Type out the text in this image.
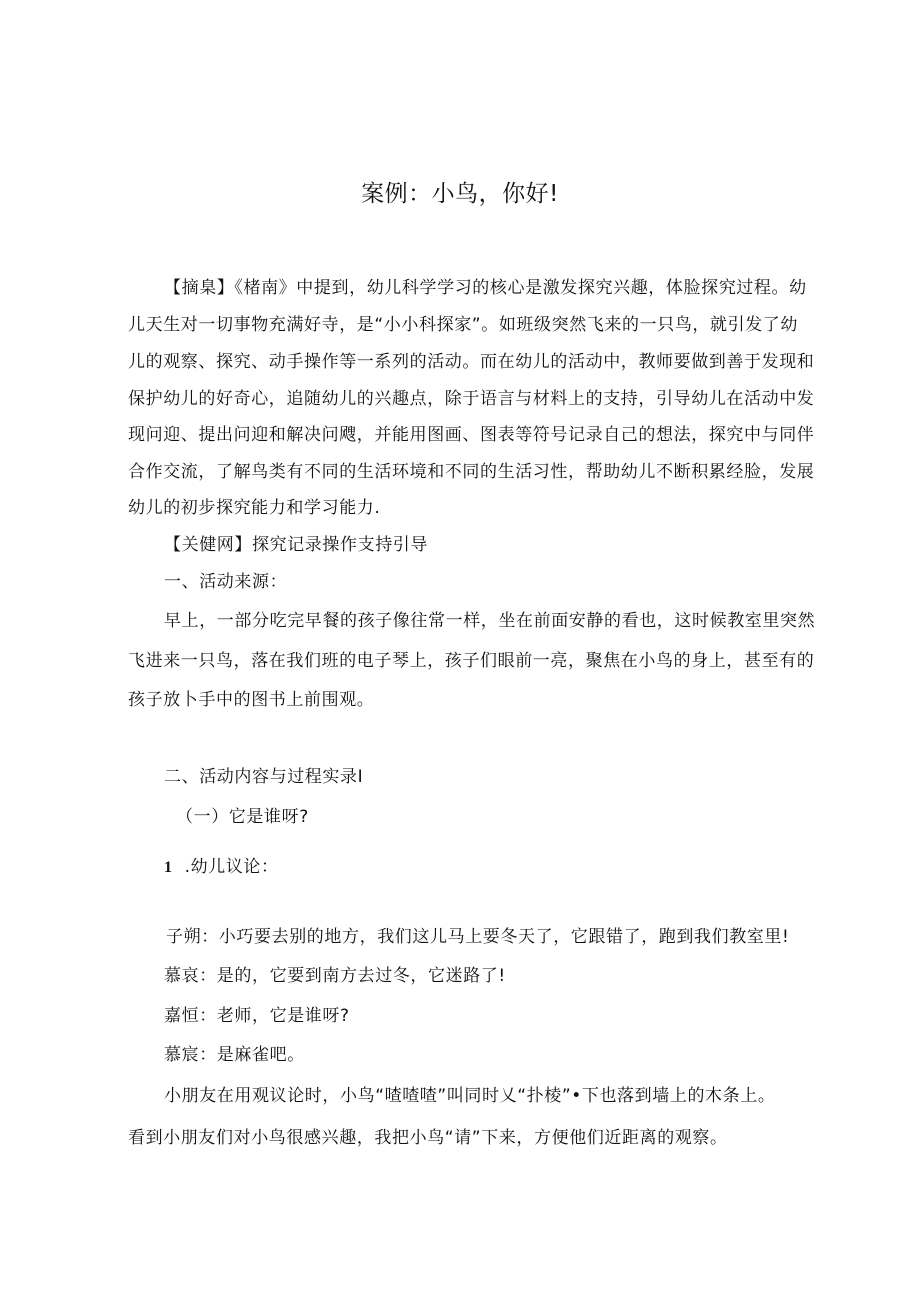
案例：小鸟，你好!
【摘臬】《楮南》中提到，幼儿科学学习的核心是激发探究兴趣，体脸探究过程。幼
儿天生对一切事物充满好寺，是“小小科探家”。如班级突然飞来的一只鸟，就引发了幼
儿的观察、探究、动手操作等一系列的活动。而在幼儿的活动中，教师要做到善于发现和
保护幼儿的好奇心，追随幼儿的兴趣点，除于语言与材料上的支持，引导幼儿在活动中发
现问迎、提出问迎和解决问飕，并能用图画、图表等符号记录自己的想法，探究中与同伴
合作交流，了解鸟类有不同的生活环境和不同的生活习性，帮助幼儿不断积累经脸，发展
幼儿的初步探究能力和学习能力.
【关健网】探究记录操作支持引导
一、活动来源：
早上，一部分吃完早餐的孩子像往常一样，坐在前面安静的看也，这时候教室里突然
飞进来一只鸟，落在我们班的电子琴上，孩子们眼前一亮，聚焦在小鸟的身上，甚至有的
孩子放卜手中的图书上前围观。
二、活动内容与过程实录I
（一）它是谁呀?
1 .幼儿议论：
子朔：小巧要去别的地方，我们这儿马上要冬天了，它跟错了，跑到我们教室里!
慕哀：是的，它要到南方去过冬，它迷路了!
嘉恒：老师，它是谁呀?
慕宸：是麻雀吧。
小朋友在用观议论时，小鸟“喳喳喳”叫同时乂“扑棱”•下也落到墙上的木条上。
看到小朋友们对小鸟很感兴趣，我把小鸟“请”下来，方便他们近距离的观察。
